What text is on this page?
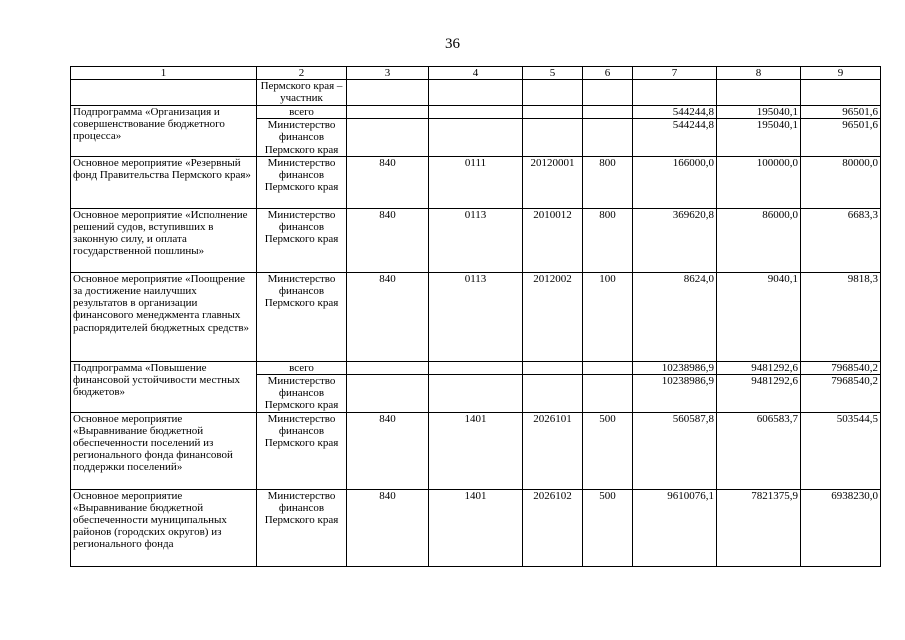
36
1	2	3	4	5	6	7	8	9
	Пермского края – участник							
Подпрограмма «Организация и совершенствование бюджетного процесса»	всего					544244,8	195040,1	96501,6
	Министерство финансов Пермского края					544244,8	195040,1	96501,6
Основное мероприятие «Резервный фонд Правительства Пермского края»	Министерство финансов Пермского края	840	0111	20120001	800	166000,0	100000,0	80000,0
Основное мероприятие «Исполнение решений судов, вступивших в законную силу, и оплата государственной пошлины»	Министерство финансов Пермского края	840	0113	2010012	800	369620,8	86000,0	6683,3
Основное мероприятие «Поощрение за достижение наилучших результатов в организации финансового менеджмента главных распорядителей бюджетных средств»	Министерство финансов Пермского края	840	0113	2012002	100	8624,0	9040,1	9818,3
Подпрограмма «Повышение финансовой устойчивости местных бюджетов»	всего					10238986,9	9481292,6	7968540,2
	Министерство финансов Пермского края					10238986,9	9481292,6	7968540,2
Основное мероприятие «Выравнивание бюджетной обеспеченности поселений из регионального фонда финансовой поддержки поселений»	Министерство финансов Пермского края	840	1401	2026101	500	560587,8	606583,7	503544,5
Основное мероприятие «Выравнивание бюджетной обеспеченности муниципальных районов (городских округов) из регионального фонда	Министерство финансов Пермского края	840	1401	2026102	500	9610076,1	7821375,9	6938230,0
